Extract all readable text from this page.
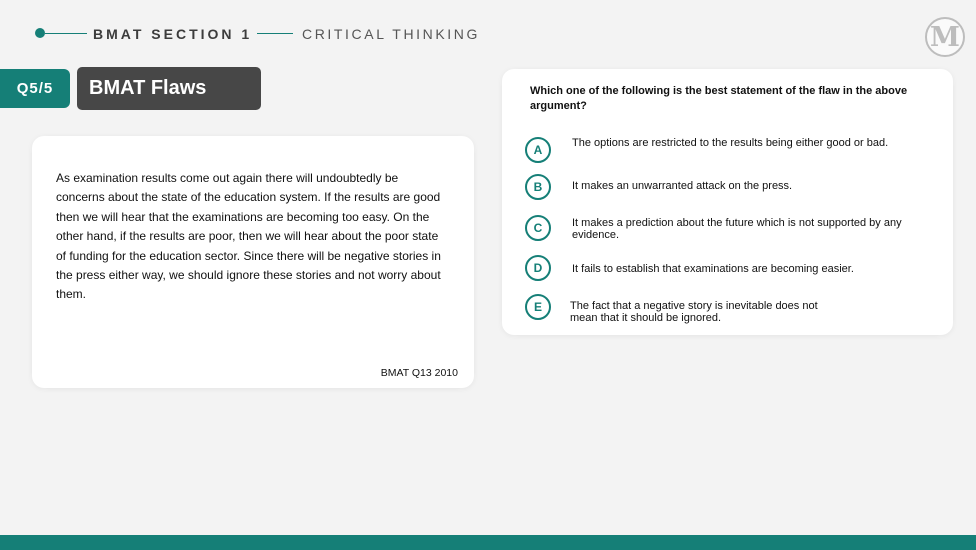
BMAT SECTION 1	CRITICAL THINKING	M
Q5/5	BMAT Flaws
As examination results come out again there will undoubtedly be concerns about the state of the education system. If the results are good then we will hear that the examinations are becoming too easy. On the other hand, if the results are poor, then we will hear about the poor state of funding for the education sector. Since there will be negative stories in the press either way, we should ignore these stories and not worry about them.
BMAT Q13 2010
Which one of the following is the best statement of the flaw in the above argument?
A	The options are restricted to the results being either good or bad.
B	It makes an unwarranted attack on the press.
C	It makes a prediction about the future which is not supported by any evidence.
D	It fails to establish that examinations are becoming easier.
E	The fact that a negative story is inevitable does not mean that it should be ignored.
